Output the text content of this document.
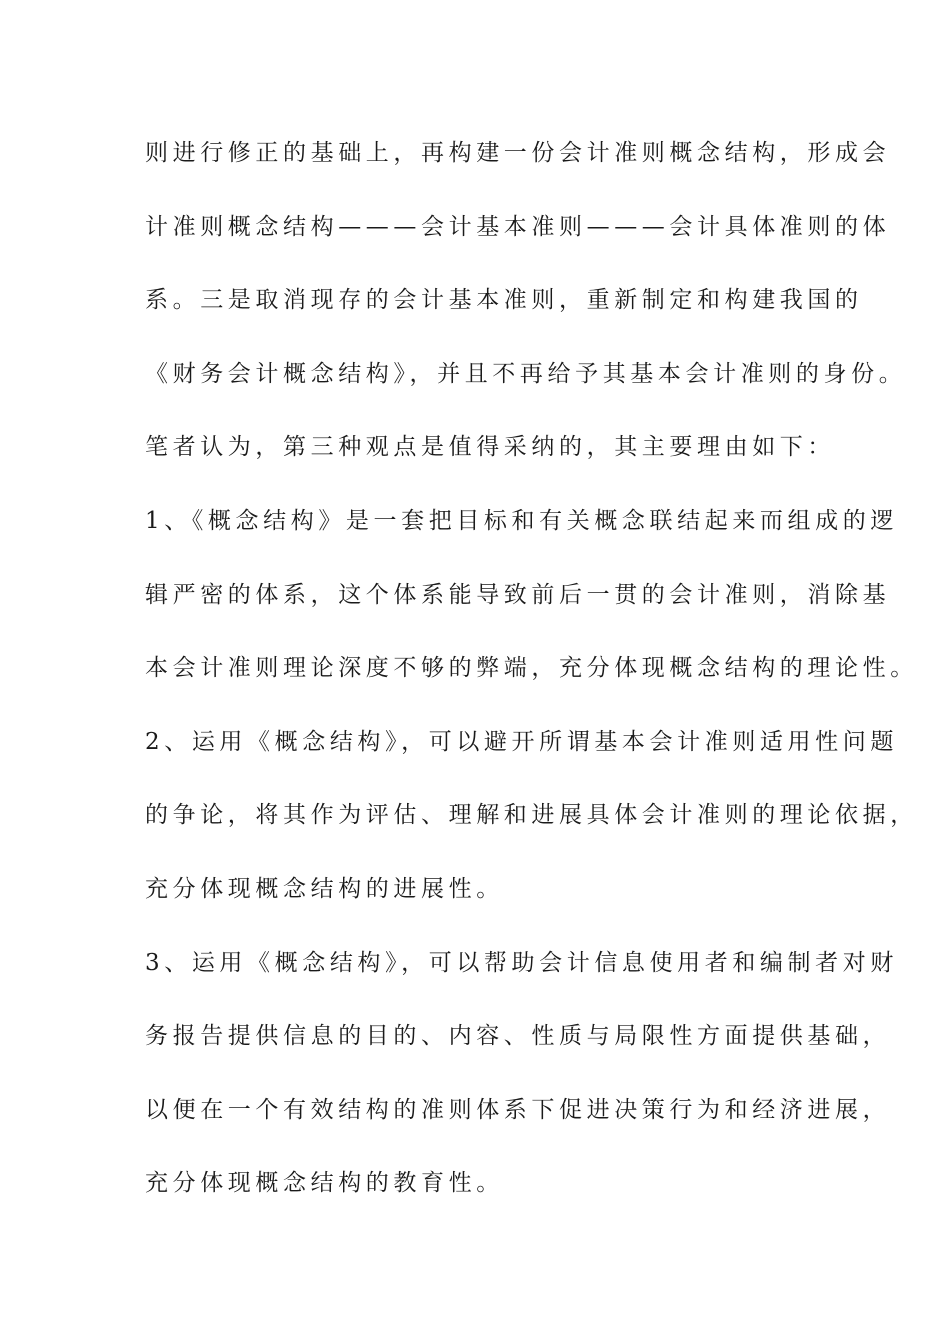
则进行修正的基础上，再构建一份会计准则概念结构，形成会
计准则概念结构———会计基本准则———会计具体准则的体
系。三是取消现存的会计基本准则，重新制定和构建我国的
《财务会计概念结构》，并且不再给予其基本会计准则的身份。
笔者认为，第三种观点是值得采纳的，其主要理由如下：
1、《概念结构》是一套把目标和有关概念联结起来而组成的逻
辑严密的体系，这个体系能导致前后一贯的会计准则，消除基
本会计准则理论深度不够的弊端，充分体现概念结构的理论性。
2、运用《概念结构》，可以避开所谓基本会计准则适用性问题
的争论，将其作为评估、理解和进展具体会计准则的理论依据，
充分体现概念结构的进展性。
3、运用《概念结构》，可以帮助会计信息使用者和编制者对财
务报告提供信息的目的、内容、性质与局限性方面提供基础，
以便在一个有效结构的准则体系下促进决策行为和经济进展，
充分体现概念结构的教育性。
